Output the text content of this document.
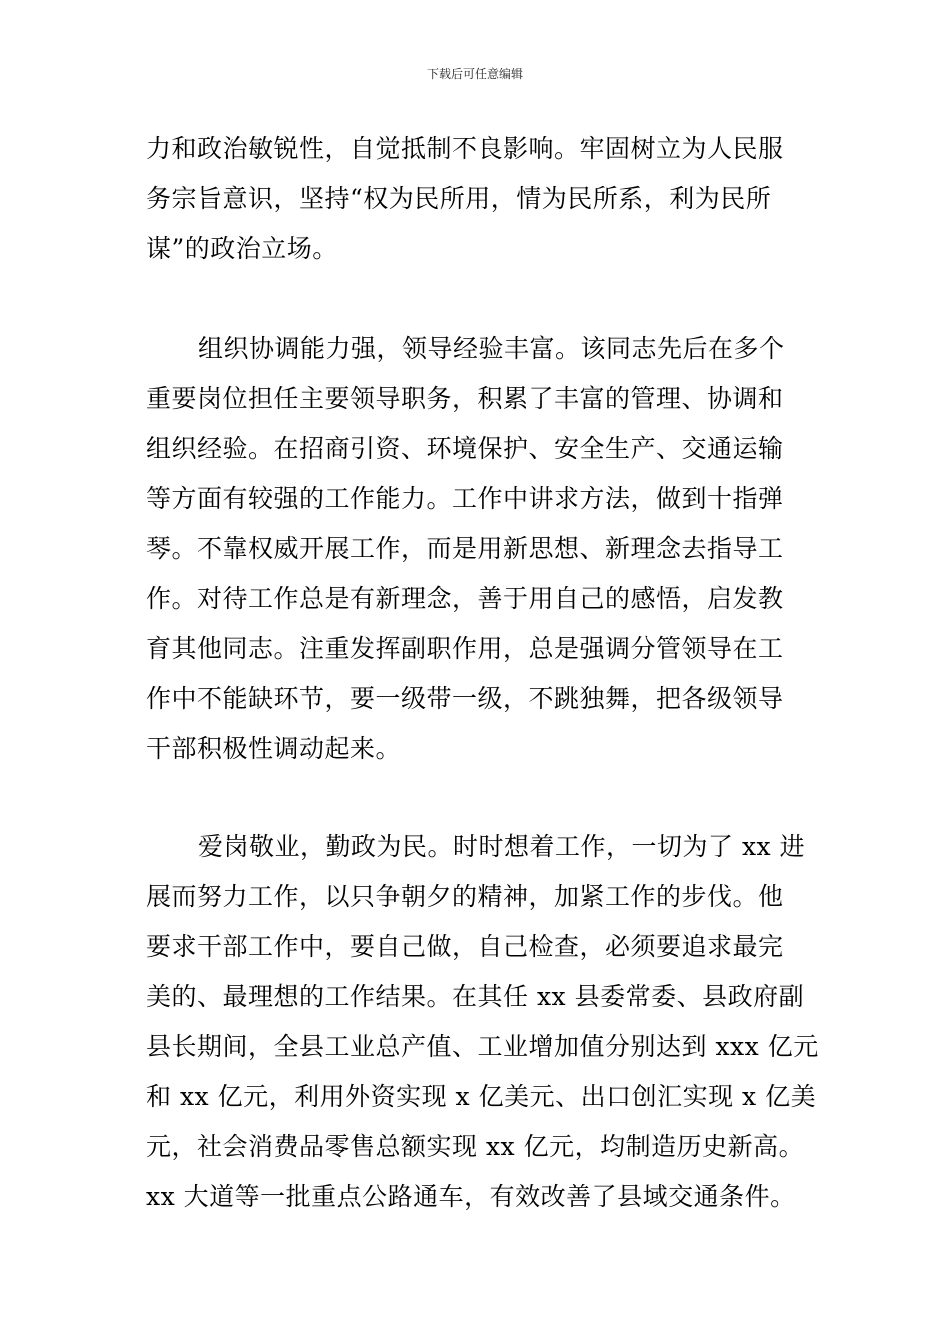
下载后可任意编辑
力和政治敏锐性，自觉抵制不良影响。牢固树立为人民服
务宗旨意识，坚持“权为民所用，情为民所系，利为民所
谋”的政治立场。
组织协调能力强，领导经验丰富。该同志先后在多个
重要岗位担任主要领导职务，积累了丰富的管理、协调和
组织经验。在招商引资、环境保护、安全生产、交通运输
等方面有较强的工作能力。工作中讲求方法，做到十指弹
琴。不靠权威开展工作，而是用新思想、新理念去指导工
作。对待工作总是有新理念，善于用自己的感悟，启发教
育其他同志。注重发挥副职作用，总是强调分管领导在工
作中不能缺环节，要一级带一级，不跳独舞，把各级领导
干部积极性调动起来。
爱岗敬业，勤政为民。时时想着工作，一切为了 xx 进
展而努力工作，以只争朝夕的精神，加紧工作的步伐。他
要求干部工作中，要自己做，自己检查，必须要追求最完
美的、最理想的工作结果。在其任 xx 县委常委、县政府副
县长期间，全县工业总产值、工业增加值分别达到 xxx 亿元
和 xx 亿元，利用外资实现 x 亿美元、出口创汇实现 x 亿美
元，社会消费品零售总额实现 xx 亿元，均制造历史新高。
xx 大道等一批重点公路通车，有效改善了县域交通条件。
